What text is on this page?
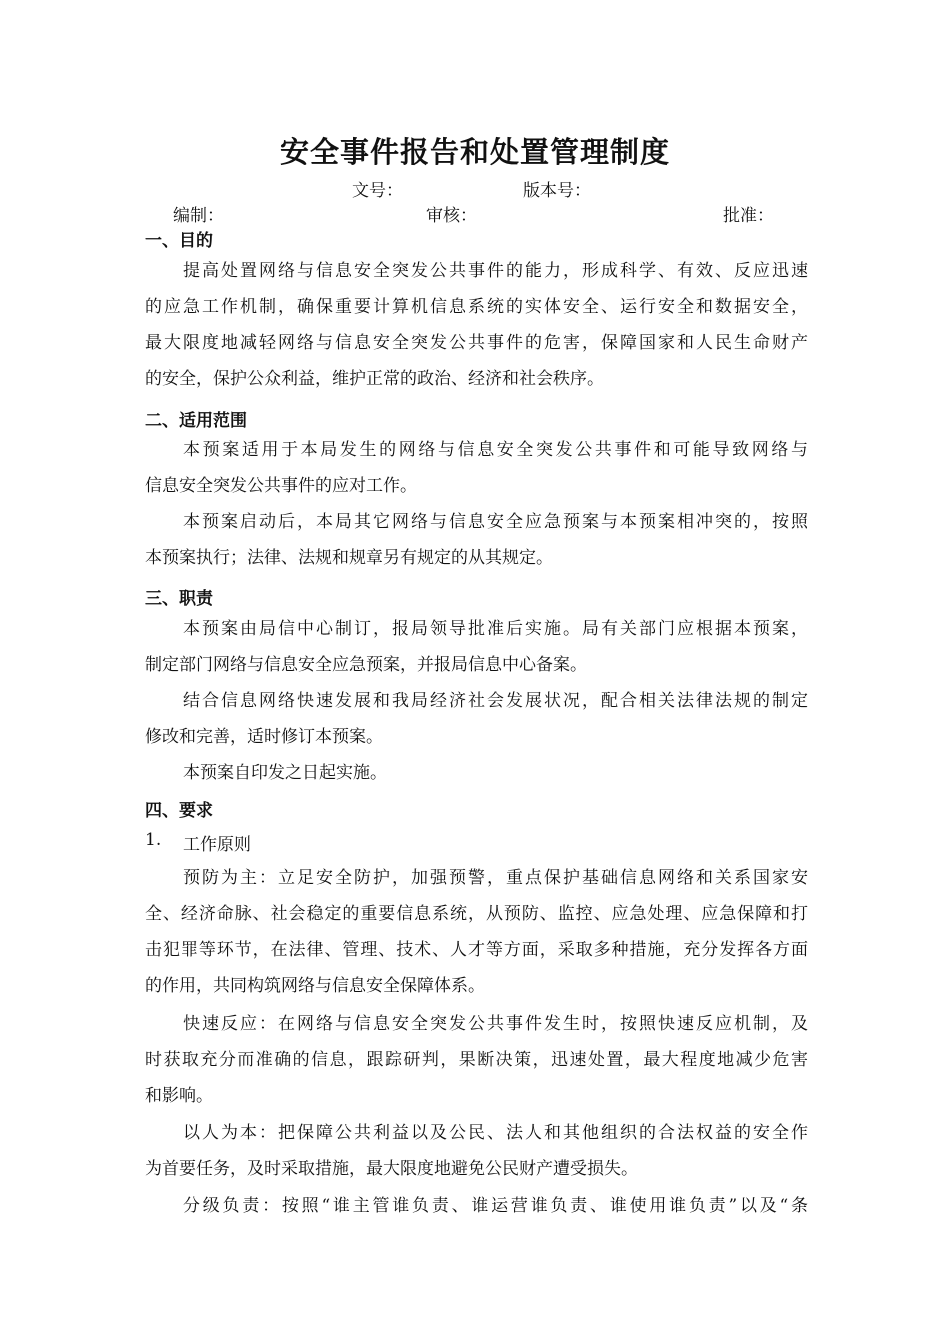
安全事件报告和处置管理制度
文号：	版本号：
编制：	审核：	批准：
一、目的
提高处置网络与信息安全突发公共事件的能力，形成科学、有效、反应迅速
的应急工作机制，确保重要计算机信息系统的实体安全、运行安全和数据安全，
最大限度地减轻网络与信息安全突发公共事件的危害，保障国家和人民生命财产
的安全，保护公众利益，维护正常的政治、经济和社会秩序。
二、适用范围
本预案适用于本局发生的网络与信息安全突发公共事件和可能导致网络与
信息安全突发公共事件的应对工作。
本预案启动后，本局其它网络与信息安全应急预案与本预案相冲突的，按照
本预案执行；法律、法规和规章另有规定的从其规定。
三、职责
本预案由局信中心制订，报局领导批准后实施。局有关部门应根据本预案，
制定部门网络与信息安全应急预案，并报局信息中心备案。
结合信息网络快速发展和我局经济社会发展状况，配合相关法律法规的制定
修改和完善，适时修订本预案。
本预案自印发之日起实施。
四、要求
1. 工作原则
预防为主：立足安全防护，加强预警，重点保护基础信息网络和关系国家安
全、经济命脉、社会稳定的重要信息系统，从预防、监控、应急处理、应急保障和打
击犯罪等环节，在法律、管理、技术、人才等方面，采取多种措施，充分发挥各方面
的作用，共同构筑网络与信息安全保障体系。
快速反应：在网络与信息安全突发公共事件发生时，按照快速反应机制，及
时获取充分而准确的信息，跟踪研判，果断决策，迅速处置，最大程度地减少危害
和影响。
以人为本：把保障公共利益以及公民、法人和其他组织的合法权益的安全作
为首要任务，及时采取措施，最大限度地避免公民财产遭受损失。
分级负责：按照“谁主管谁负责、谁运营谁负责、谁使用谁负责”以及“条
